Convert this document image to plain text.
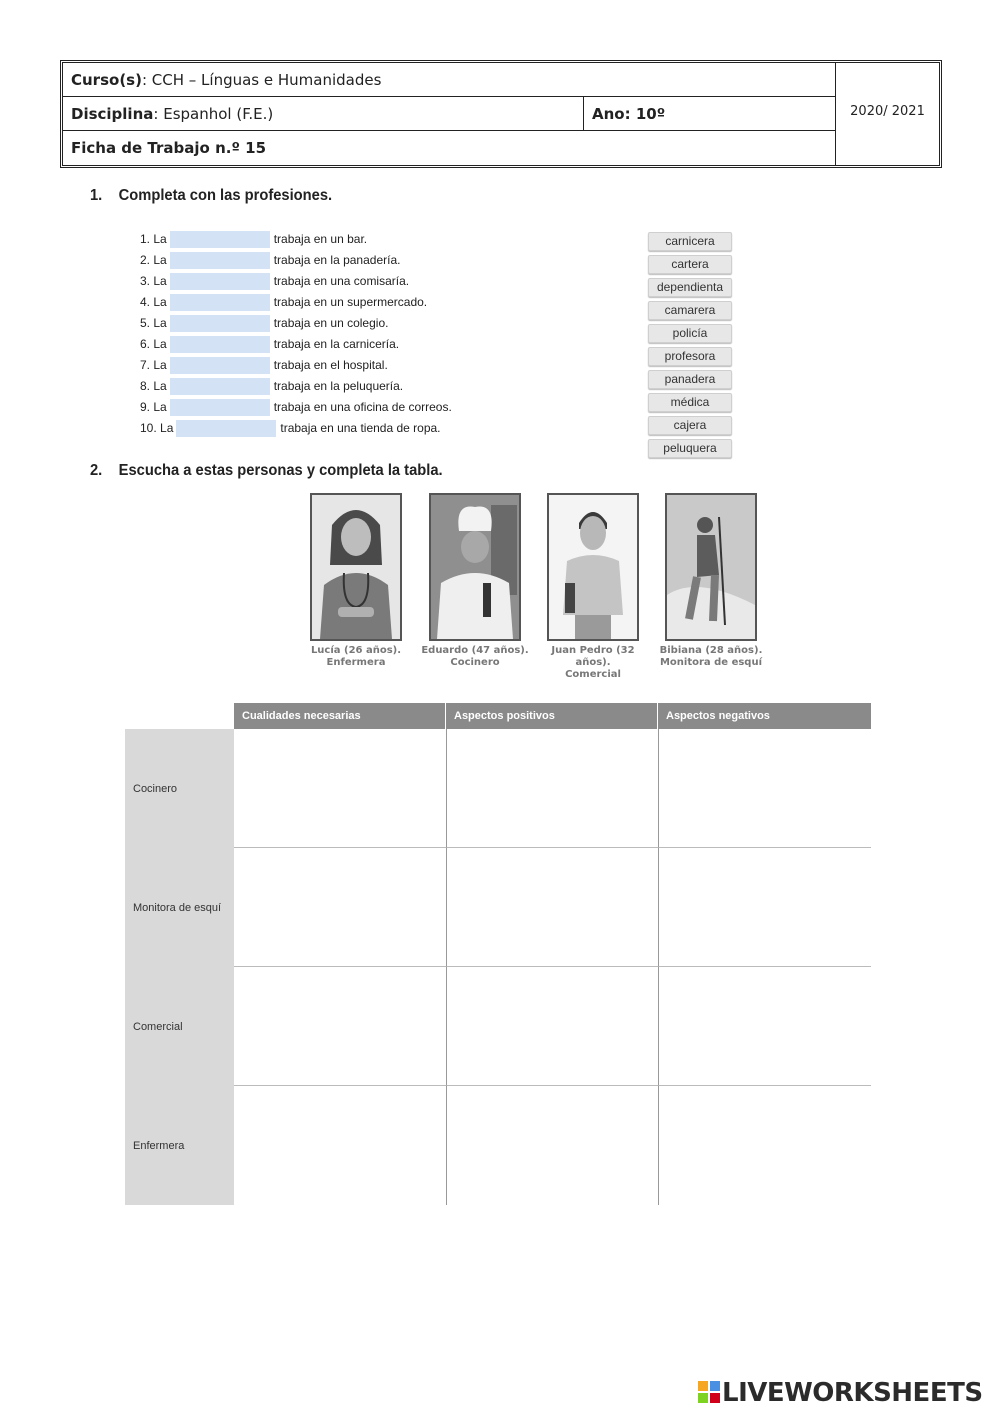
Curso(s): CCH – Línguas e Humanidades
Disciplina: Espanhol (F.E.)	Ano: 10º
Ficha de Trabajo n.º 15
2020/ 2021
1.    Completa con las profesiones.
1. La	trabaja en un bar.
2. La	trabaja en la panadería.
3. La	trabaja en una comisaría.
4. La	trabaja en un supermercado.
5. La	trabaja en un colegio.
6. La	trabaja en la carnicería.
7. La	trabaja en el hospital.
8. La	trabaja en la peluquería.
9. La	trabaja en una oficina de correos.
10. La	trabaja en una tienda de ropa.
carnicera
cartera
dependienta
camarera
policía
profesora
panadera
médica
cajera
peluquera
2.    Escucha a estas personas y completa la tabla.
Lucía (26 años).
Enfermera
Eduardo (47 años).
Cocinero
Juan Pedro (32 años).
Comercial
Bibiana (28 años).
Monitora de esquí
Cualidades necesarias	Aspectos positivos	Aspectos negativos
Cocinero
Monitora de esquí
Comercial
Enfermera
LIVEWORKSHEETS
